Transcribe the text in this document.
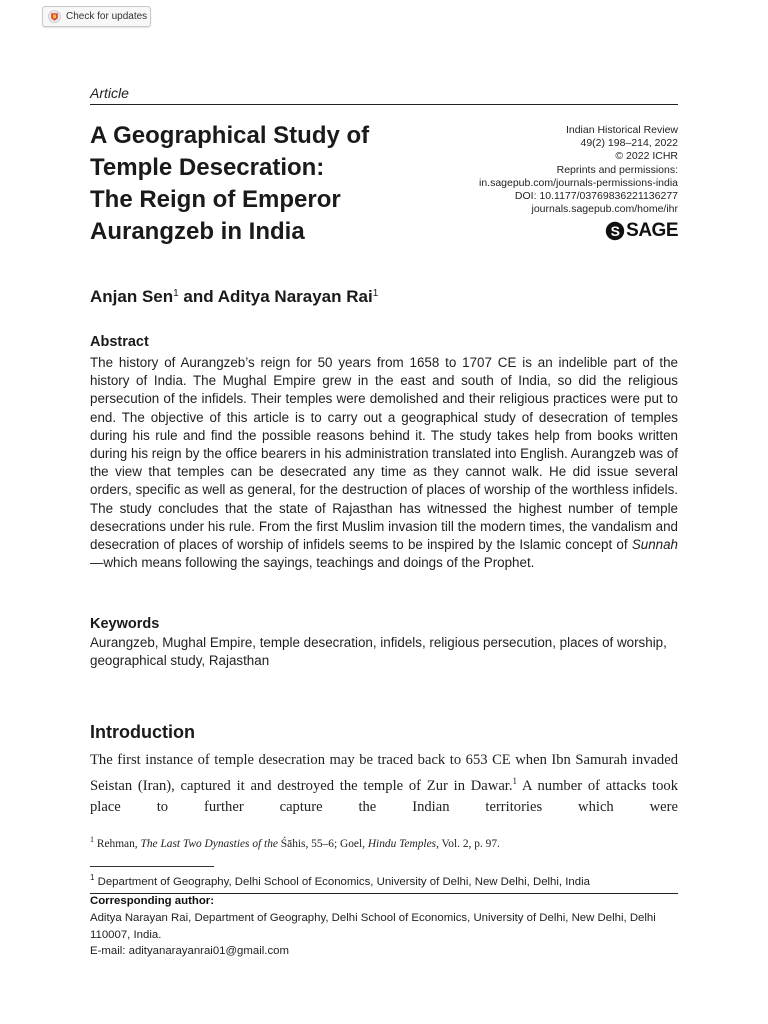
Check for updates
Article
A Geographical Study of
Temple Desecration:
The Reign of Emperor
Aurangzeb in India
Indian Historical Review
49(2) 198–214, 2022
© 2022 ICHR
Reprints and permissions:
in.sagepub.com/journals-permissions-india
DOI: 10.1177/03769836221136277
journals.sagepub.com/home/ihr
S SAGE
Anjan Sen$^1$ and Aditya Narayan Rai$^1$
Abstract

The history of Aurangzeb’s reign for 50 years from 1658 to 1707 CE is an indelible part of the history of India. The Mughal Empire grew in the east and south of India, so did the religious persecution of the infidels. Their temples were demolished and their religious practices were put to end. The objective of this article is to carry out a geographical study of desecration of temples during his rule and find the possible reasons behind it. The study takes help from books written during his reign by the office bearers in his administration translated into English. Aurangzeb was of the view that temples can be desecrated any time as they cannot walk. He did issue several orders, specific as well as general, for the destruction of places of worship of the worthless infidels. The study concludes that the state of Rajasthan has witnessed the highest number of temple desecrations under his rule. From the first Muslim invasion till the modern times, the vandalism and desecration of places of worship of infidels seems to be inspired by the Islamic concept of Sunnah—which means following the sayings, teachings and doings of the Prophet.

Keywords

Aurangzeb, Mughal Empire, temple desecration, infidels, religious persecution, places of worship, geographical study, Rajasthan

Introduction

The first instance of temple desecration may be traced back to 653 CE when Ibn Samurah invaded Seistan (Iran), captured it and destroyed the temple of Zur in Dawar.$^1$ A number of attacks took place to further capture the Indian territories which were

$^1$ Rehman, The Last Two Dynasties of the Śāhis, 55–6; Goel, Hindu Temples, Vol. 2, p. 97.
$^1$ Department of Geography, Delhi School of Economics, University of Delhi, New Delhi, Delhi, India
Corresponding author:
Aditya Narayan Rai, Department of Geography, Delhi School of Economics, University of Delhi, New Delhi, Delhi 110007, India.
E-mail: adityanarayanrai01@gmail.com
